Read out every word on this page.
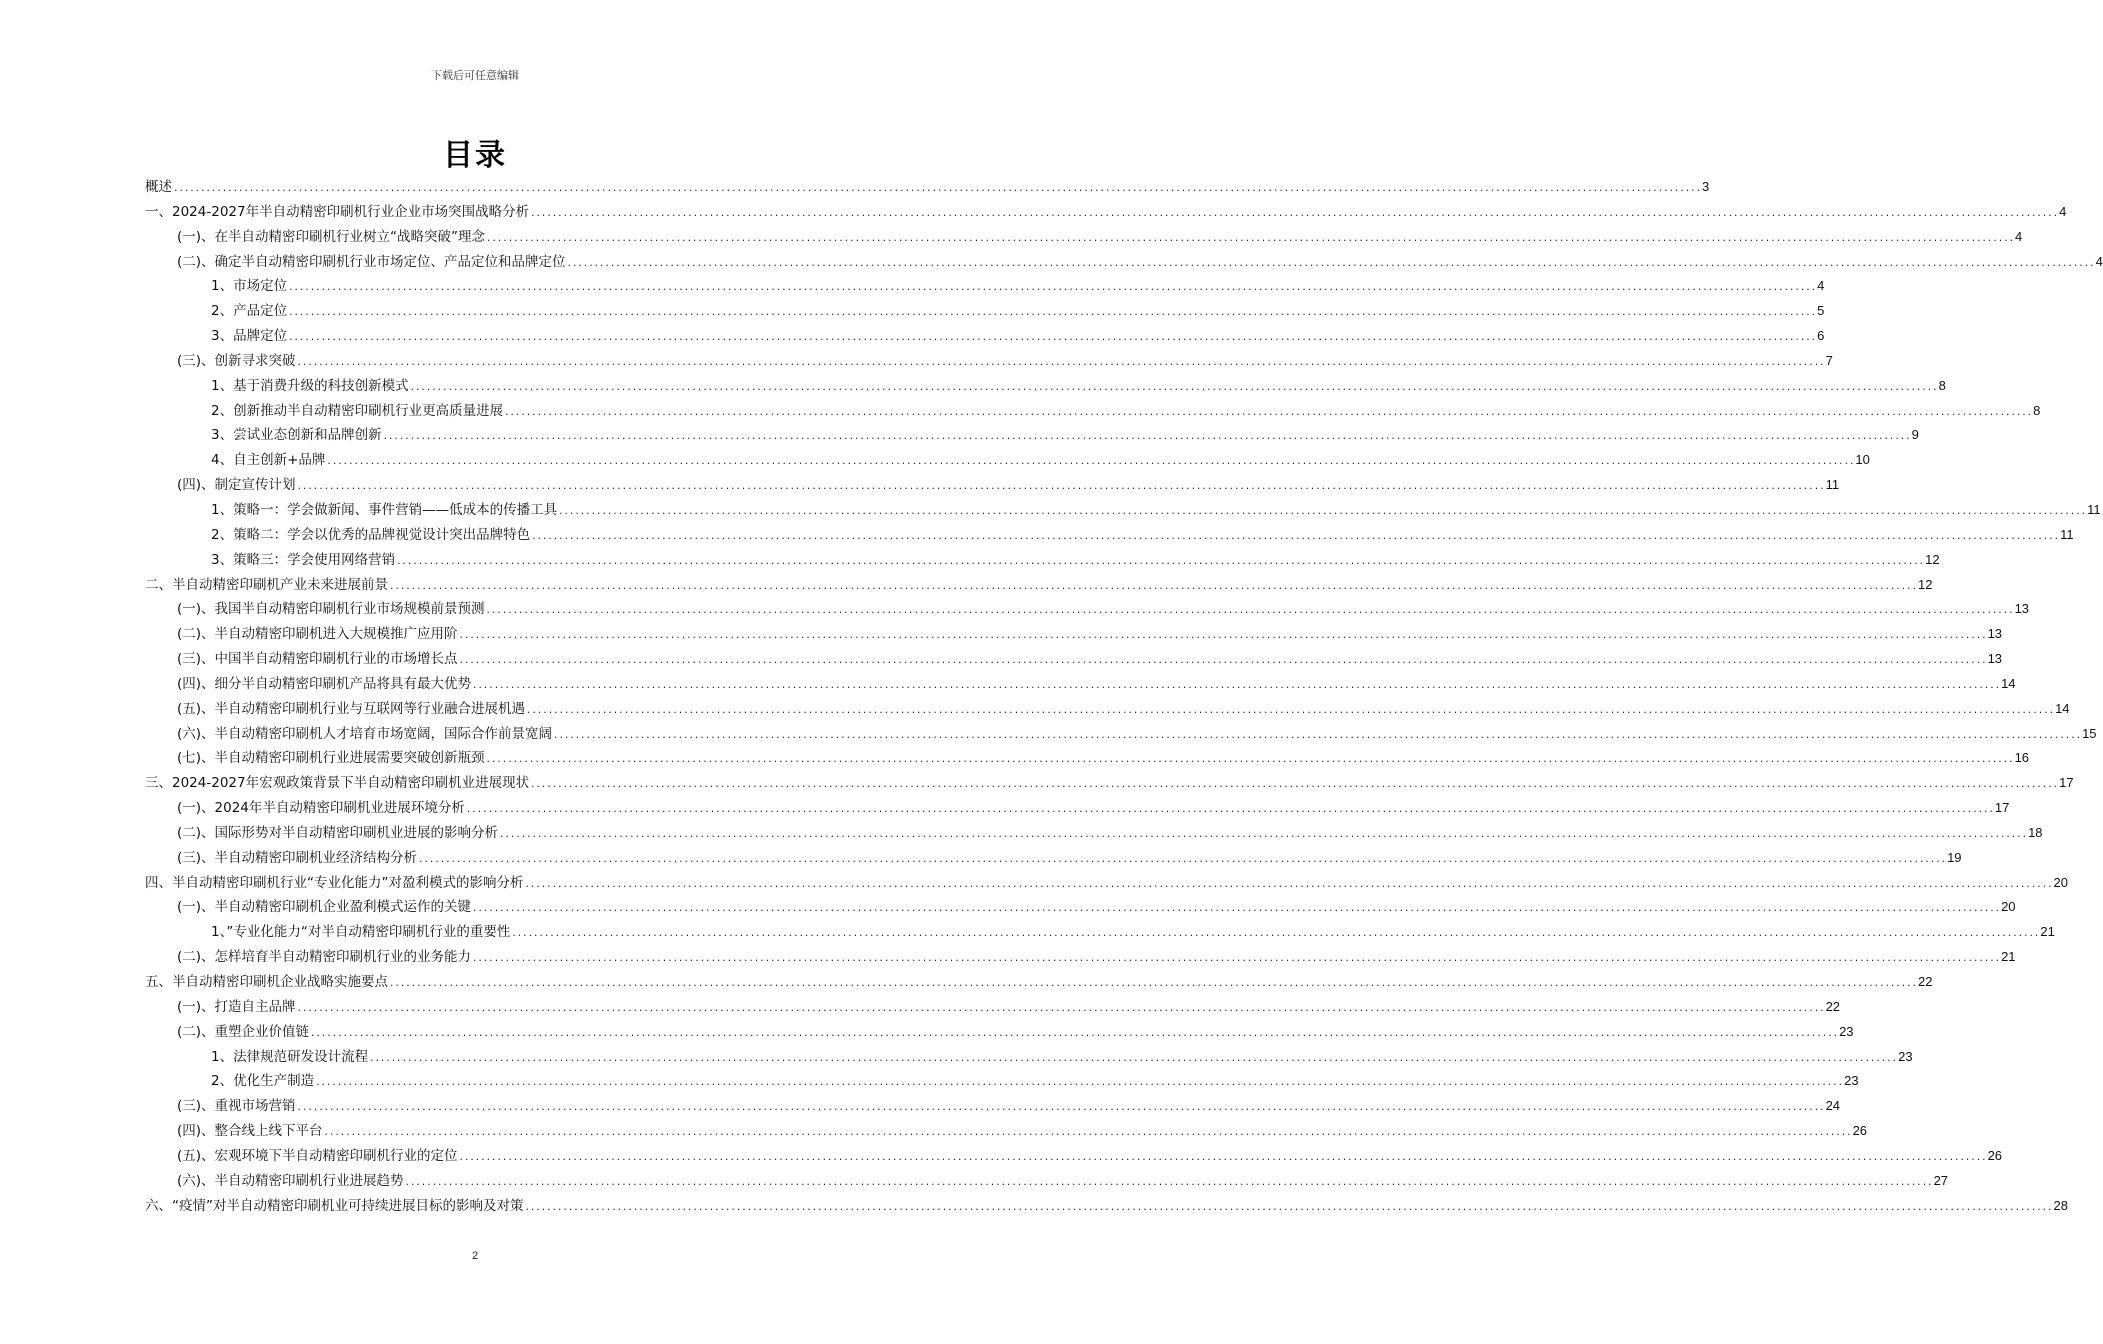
下载后可任意编辑
目录
概述 .....	3
一、2024-2027年半自动精密印刷机行业企业市场突围战略分析 .....	4
(一)、在半自动精密印刷机行业树立“战略突破”理念 .....	4
(二)、确定半自动精密印刷机行业市场定位、产品定位和品牌定位 .....	4
1、市场定位 .....	4
2、产品定位 .....	5
3、品牌定位 .....	6
(三)、创新寻求突破 .....	7
1、基于消费升级的科技创新模式 .....	8
2、创新推动半自动精密印刷机行业更高质量进展 .....	8
3、尝试业态创新和品牌创新 .....	9
4、自主创新+品牌 .....	10
(四)、制定宣传计划 .....	11
1、策略一：学会做新闻、事件营销——低成本的传播工具 .....	11
2、策略二：学会以优秀的品牌视觉设计突出品牌特色 .....	11
3、策略三：学会使用网络营销 .....	12
二、半自动精密印刷机产业未来进展前景 .....	12
(一)、我国半自动精密印刷机行业市场规模前景预测 .....	13
(二)、半自动精密印刷机进入大规模推广应用阶 .....	13
(三)、中国半自动精密印刷机行业的市场增长点 .....	13
(四)、细分半自动精密印刷机产品将具有最大优势 .....	14
(五)、半自动精密印刷机行业与互联网等行业融合进展机遇 .....	14
(六)、半自动精密印刷机人才培育市场宽阔，国际合作前景宽阔 .....	15
(七)、半自动精密印刷机行业进展需要突破创新瓶颈 .....	16
三、2024-2027年宏观政策背景下半自动精密印刷机业进展现状 .....	17
(一)、2024年半自动精密印刷机业进展环境分析 .....	17
(二)、国际形势对半自动精密印刷机业进展的影响分析 .....	18
(三)、半自动精密印刷机业经济结构分析 .....	19
四、半自动精密印刷机行业“专业化能力”对盈利模式的影响分析 .....	20
(一)、半自动精密印刷机企业盈利模式运作的关键 .....	20
1、”专业化能力“对半自动精密印刷机行业的重要性 .....	21
(二)、怎样培育半自动精密印刷机行业的业务能力 .....	21
五、半自动精密印刷机企业战略实施要点 .....	22
(一)、打造自主品牌 .....	22
(二)、重塑企业价值链 .....	23
1、法律规范研发设计流程 .....	23
2、优化生产制造 .....	23
(三)、重视市场营销 .....	24
(四)、整合线上线下平台 .....	26
(五)、宏观环境下半自动精密印刷机行业的定位 .....	26
(六)、半自动精密印刷机行业进展趋势 .....	27
六、“疫情”对半自动精密印刷机业可持续进展目标的影响及对策 .....	28
2
